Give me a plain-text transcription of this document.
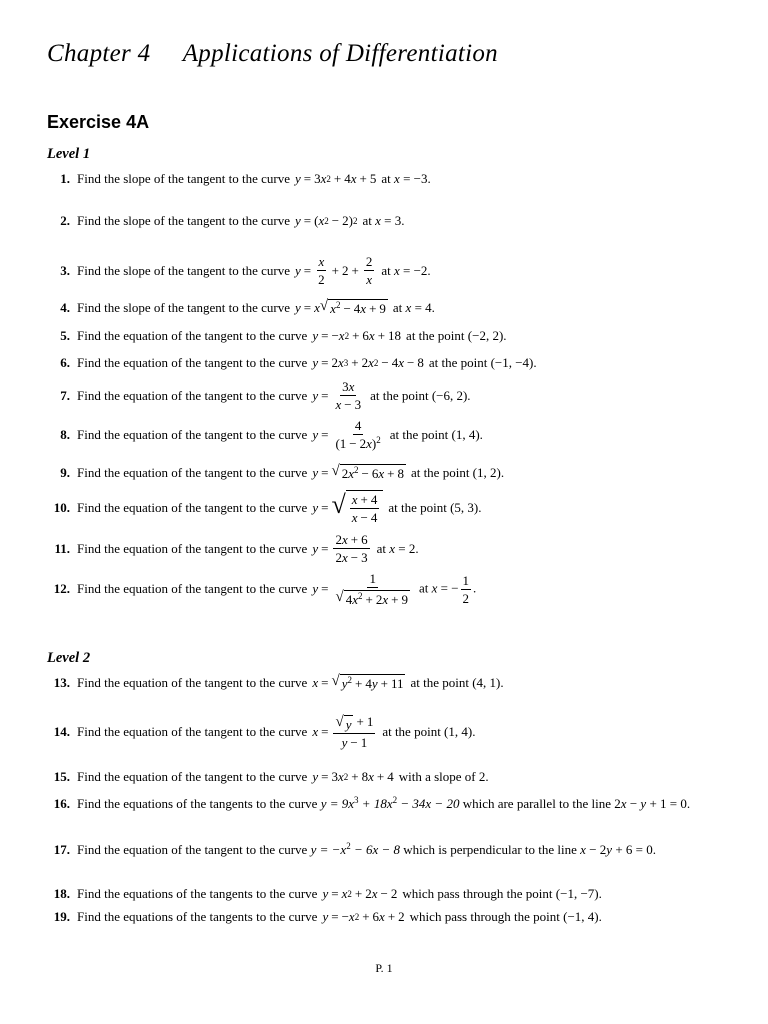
Chapter 4     Applications of Differentiation
Exercise 4A
Level 1
1. Find the slope of the tangent to the curve y = 3 x 2 + 4 x + 5 at x = −3.
2. Find the slope of the tangent to the curve y = ( x 2 − 2) 2 at x = 3.
3. Find the slope of the tangent to the curve $y = \frac{x}{2} + 2 + \frac{2}{x}$ at x = −2.
4. Find the slope of the tangent to the curve y = x √ $x^2 - 4x + 9$ at x = 4.
5. Find the equation of the tangent to the curve y = − x 2 + 6 x + 18 at the point (−2, 2).
6. Find the equation of the tangent to the curve y = 2 x 3 + 2 x 2 − 4 x − 8 at the point (−1, −4).
7. Find the equation of the tangent to the curve $y = \frac{3x}{x - 3}$ at the point (−6, 2).
8. Find the equation of the tangent to the curve $y = \frac{4}{(1 - 2x)^2}$ at the point (1, 4).
9. Find the equation of the tangent to the curve y = √ $2x^2 - 6x + 8$ at the point (1, 2).
10. Find the equation of the tangent to the curve y = √ $\frac{x + 4}{x - 4}$ at the point (5, 3).
11. Find the equation of the tangent to the curve $y = \frac{2x + 6}{2x - 3}$ at x = 2.
12. Find the equation of the tangent to the curve $y = \frac{1}{√ 4x^2 + 2x + 9}$ at x = − $\frac{1}{2}$ .
Level 2
13. Find the equation of the tangent to the curve x = √ $y^2 + 4y + 11$ at the point (4, 1).
14. Find the equation of the tangent to the curve $x = \frac{√ y + 1}{y - 1}$ at the point (1, 4).
15. Find the equation of the tangent to the curve y = 3 x 2 + 8 x + 4 with a slope of 2.
16. Find the equations of the tangents to the curve $y = 9x^3 + 18x^2 - 34x - 20$ which are parallel to the line 2x − y + 1 = 0.
17. Find the equation of the tangent to the curve $y = -x^2 - 6x - 8$ which is perpendicular to the line x − 2y + 6 = 0.
18. Find the equations of the tangents to the curve y = x 2 + 2 x − 2 which pass through the point (−1, −7).
19. Find the equations of the tangents to the curve y = − x 2 + 6 x + 2 which pass through the point (−1, 4).
P. 1
